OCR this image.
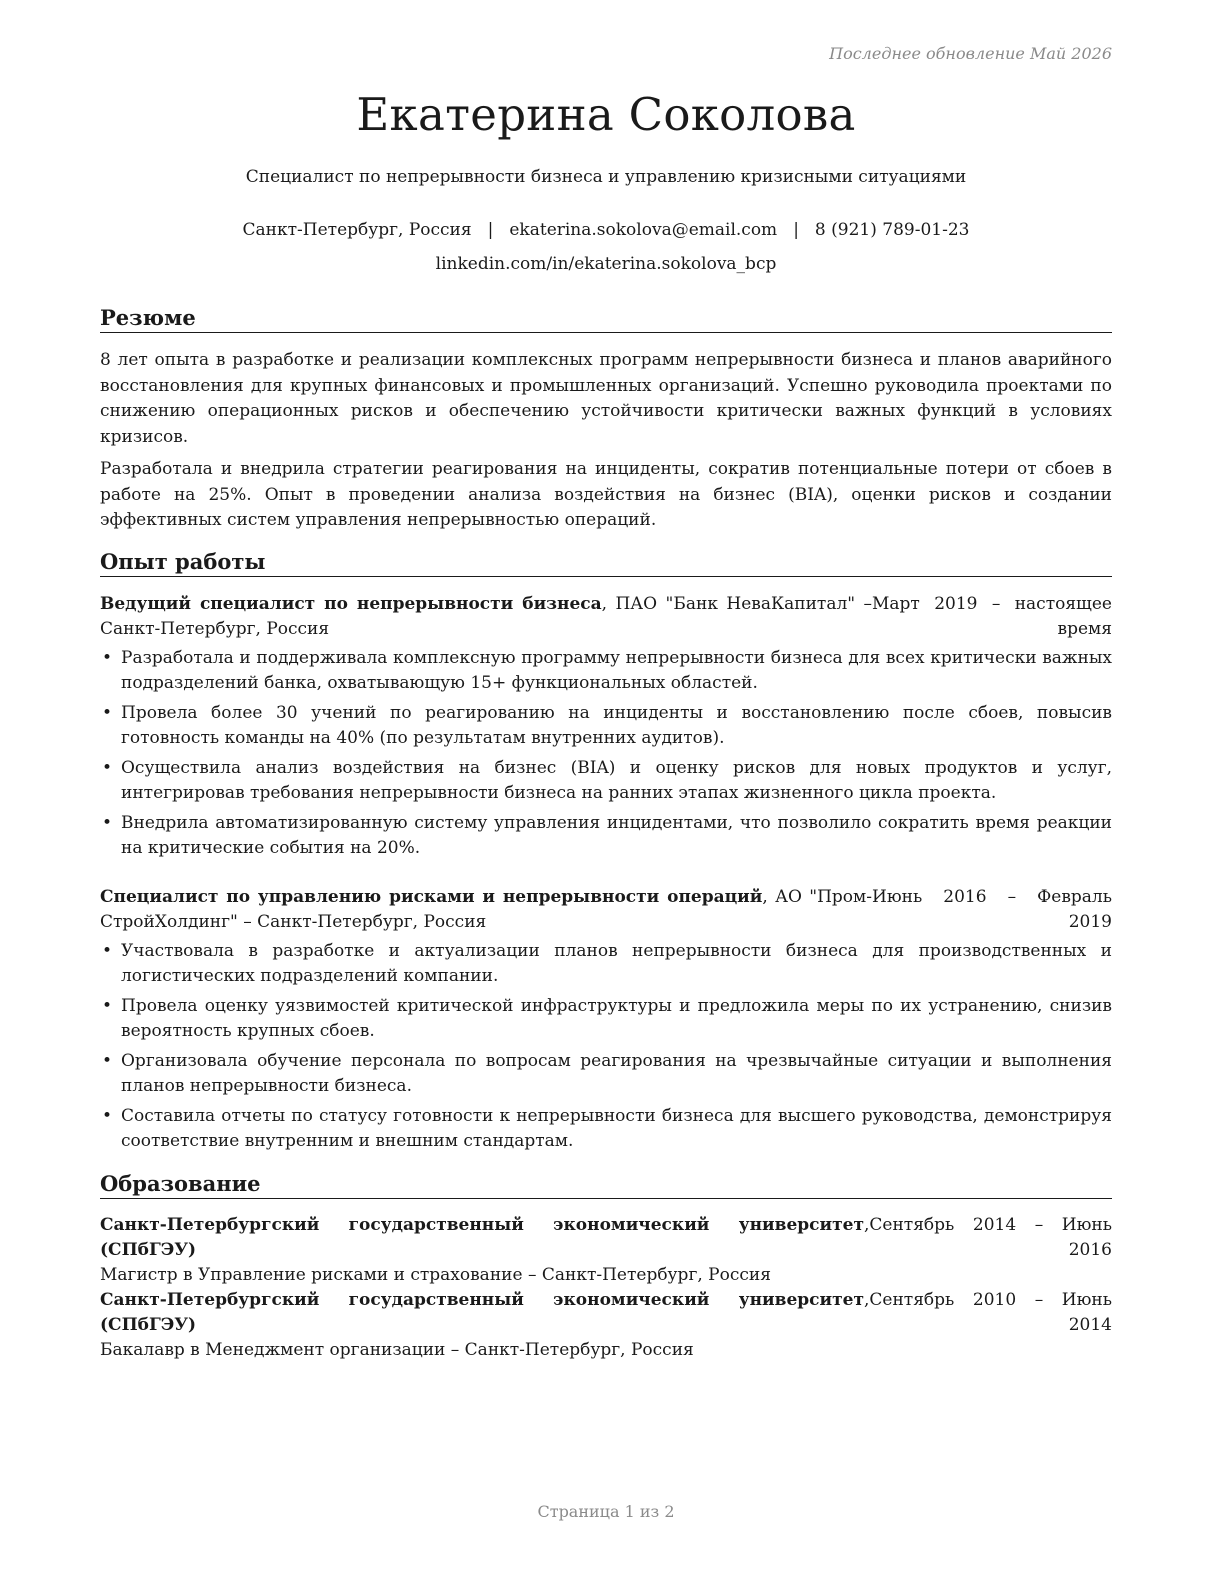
Последнее обновление Май 2026
Екатерина Соколова
Специалист по непрерывности бизнеса и управлению кризисными ситуациями
Санкт-Петербург, Россия | ekaterina.sokolova@email.com | 8 (921) 789-01-23
linkedin.com/in/ekaterina.sokolova_bcp
Резюме

8 лет опыта в разработке и реализации комплексных программ непрерывности бизнеса и планов аварийного восстановления для крупных финансовых и промышленных организаций. Успешно руководила проектами по снижению операционных рисков и обеспечению устойчивости критически важных функций в условиях кризисов.

Разработала и внедрила стратегии реагирования на инциденты, сократив потенциальные потери от сбоев в работе на 25%. Опыт в проведении анализа воздействия на бизнес (BIA), оценки рисков и создании эффективных систем управления непрерывностью операций.

Опыт работы
Ведущий специалист по непрерывности бизнеса, ПАО "Банк НеваКапитал" – Санкт-Петербург, Россия
Март 2019 – настоящее время
• Разработала и поддерживала комплексную программу непрерывности бизнеса для всех критически важных подразделений банка, охватывающую 15+ функциональных областей.
• Провела более 30 учений по реагированию на инциденты и восстановлению после сбоев, повысив готовность команды на 40% (по результатам внутренних аудитов).
• Осуществила анализ воздействия на бизнес (BIA) и оценку рисков для новых продуктов и услуг, интегрировав требования непрерывности бизнеса на ранних этапах жизненного цикла проекта.
• Внедрила автоматизированную систему управления инцидентами, что позволило сократить время реакции на критические события на 20%.
Специалист по управлению рисками и непрерывности операций, АО "Пром-СтройХолдинг" – Санкт-Петербург, Россия
Июнь 2016 – Февраль 2019
• Участвовала в разработке и актуализации планов непрерывности бизнеса для производственных и логистических подразделений компании.
• Провела оценку уязвимостей критической инфраструктуры и предложила меры по их устранению, снизив вероятность крупных сбоев.
• Организовала обучение персонала по вопросам реагирования на чрезвычайные ситуации и выполнения планов непрерывности бизнеса.
• Составила отчеты по статусу готовности к непрерывности бизнеса для высшего руководства, демонстрируя соответствие внутренним и внешним стандартам.
Образование
Санкт-Петербургский государственный экономический университет (СПбГЭУ)
Магистр в Управление рисками и страхование – Санкт-Петербург, Россия
,Сентябрь 2014 – Июнь 2016
Санкт-Петербургский государственный экономический университет (СПбГЭУ)
Бакалавр в Менеджмент организации – Санкт-Петербург, Россия
,Сентябрь 2010 – Июнь 2014
Страница 1 из 2
